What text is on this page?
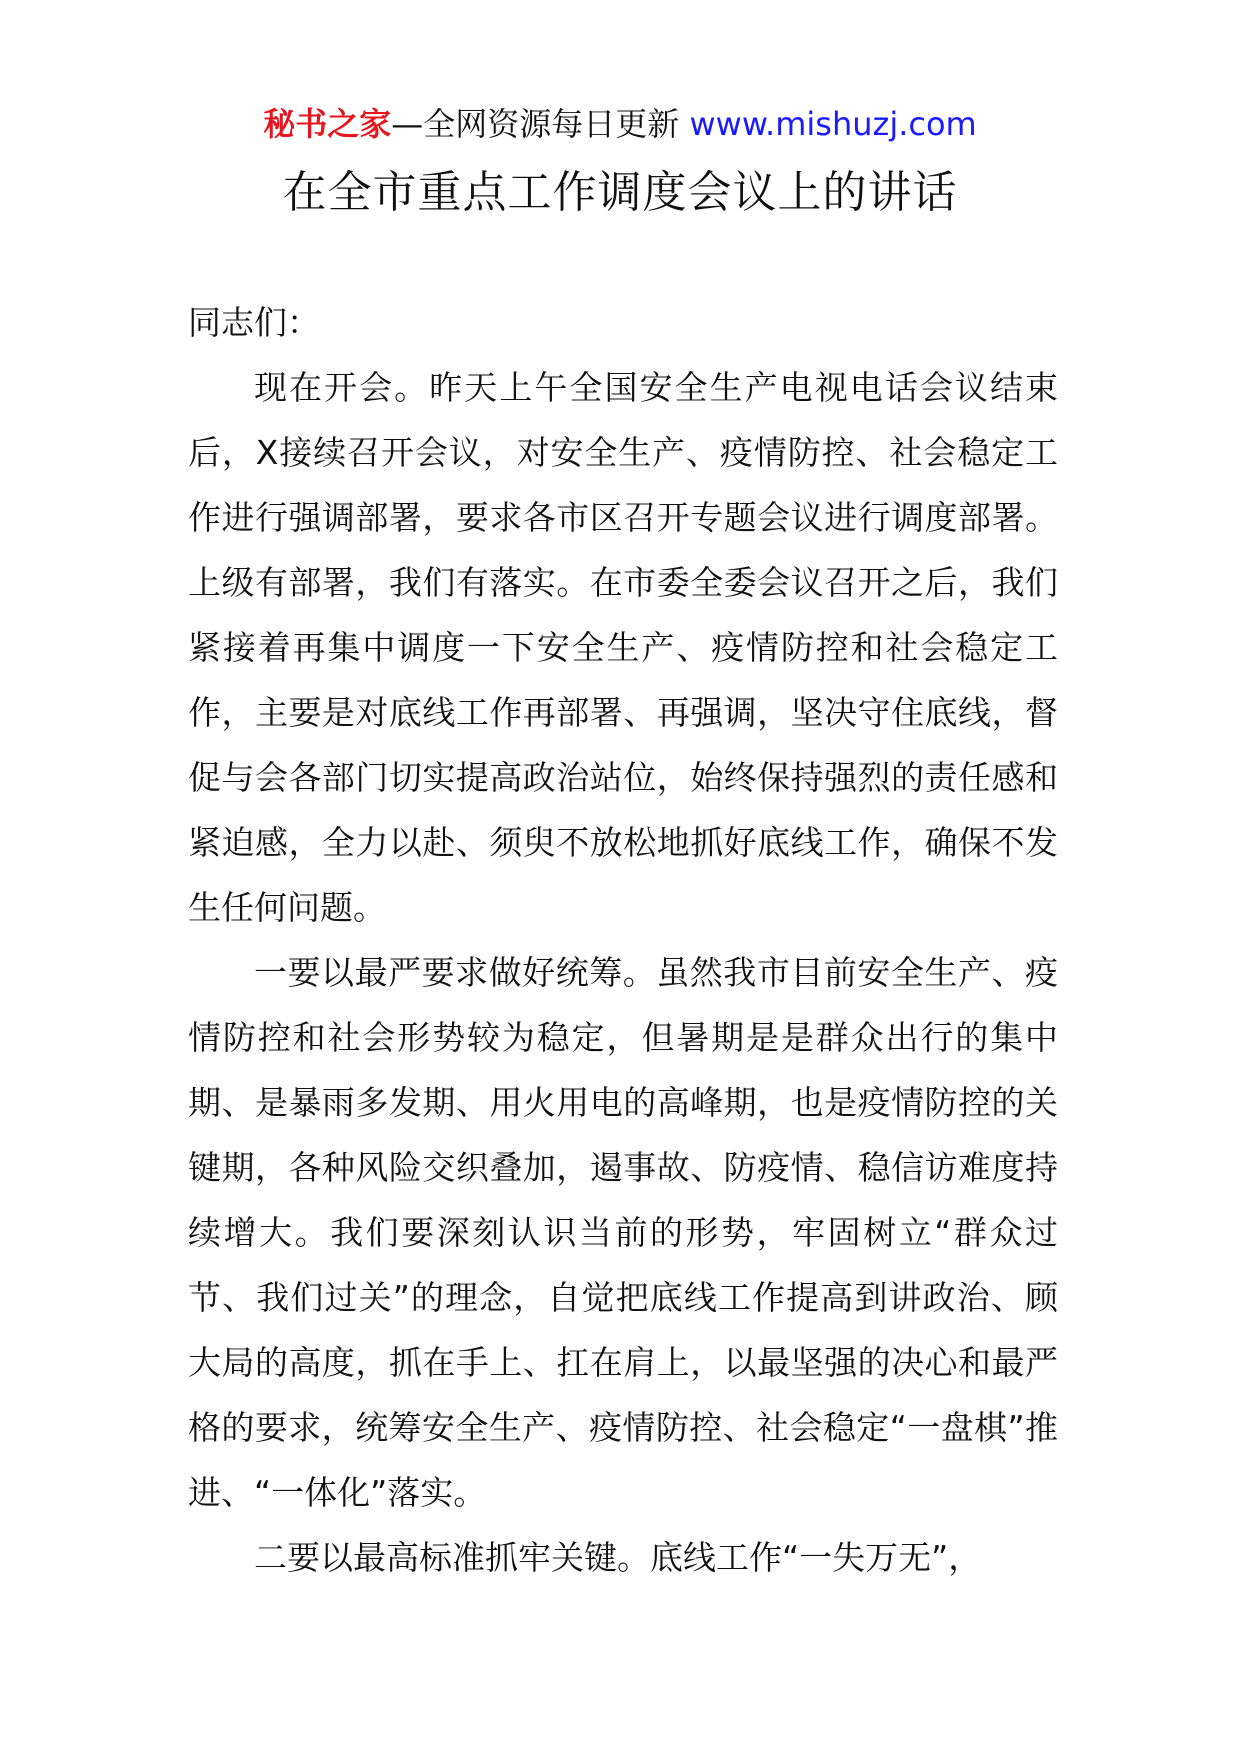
秘书之家—全网资源每日更新 www.mishuzj.com
在全市重点工作调度会议上的讲话

同志们：

现在开会。昨天上午全国安全生产电视电话会议结束后，X接续召开会议，对安全生产、疫情防控、社会稳定工作进行强调部署，要求各市区召开专题会议进行调度部署。上级有部署，我们有落实。在市委全委会议召开之后，我们紧接着再集中调度一下安全生产、疫情防控和社会稳定工作，主要是对底线工作再部署、再强调，坚决守住底线，督促与会各部门切实提高政治站位，始终保持强烈的责任感和紧迫感，全力以赴、须臾不放松地抓好底线工作，确保不发生任何问题。

一要以最严要求做好统筹。虽然我市目前安全生产、疫情防控和社会形势较为稳定，但暑期是是群众出行的集中期、是暴雨多发期、用火用电的高峰期，也是疫情防控的关键期，各种风险交织叠加，遏事故、防疫情、稳信访难度持续增大。我们要深刻认识当前的形势，牢固树立“群众过节、我们过关”的理念，自觉把底线工作提高到讲政治、顾大局的高度，抓在手上、扛在肩上，以最坚强的决心和最严格的要求，统筹安全生产、疫情防控、社会稳定“一盘棋”推进、“一体化”落实。

二要以最高标准抓牢关键。底线工作“一失万无”，
